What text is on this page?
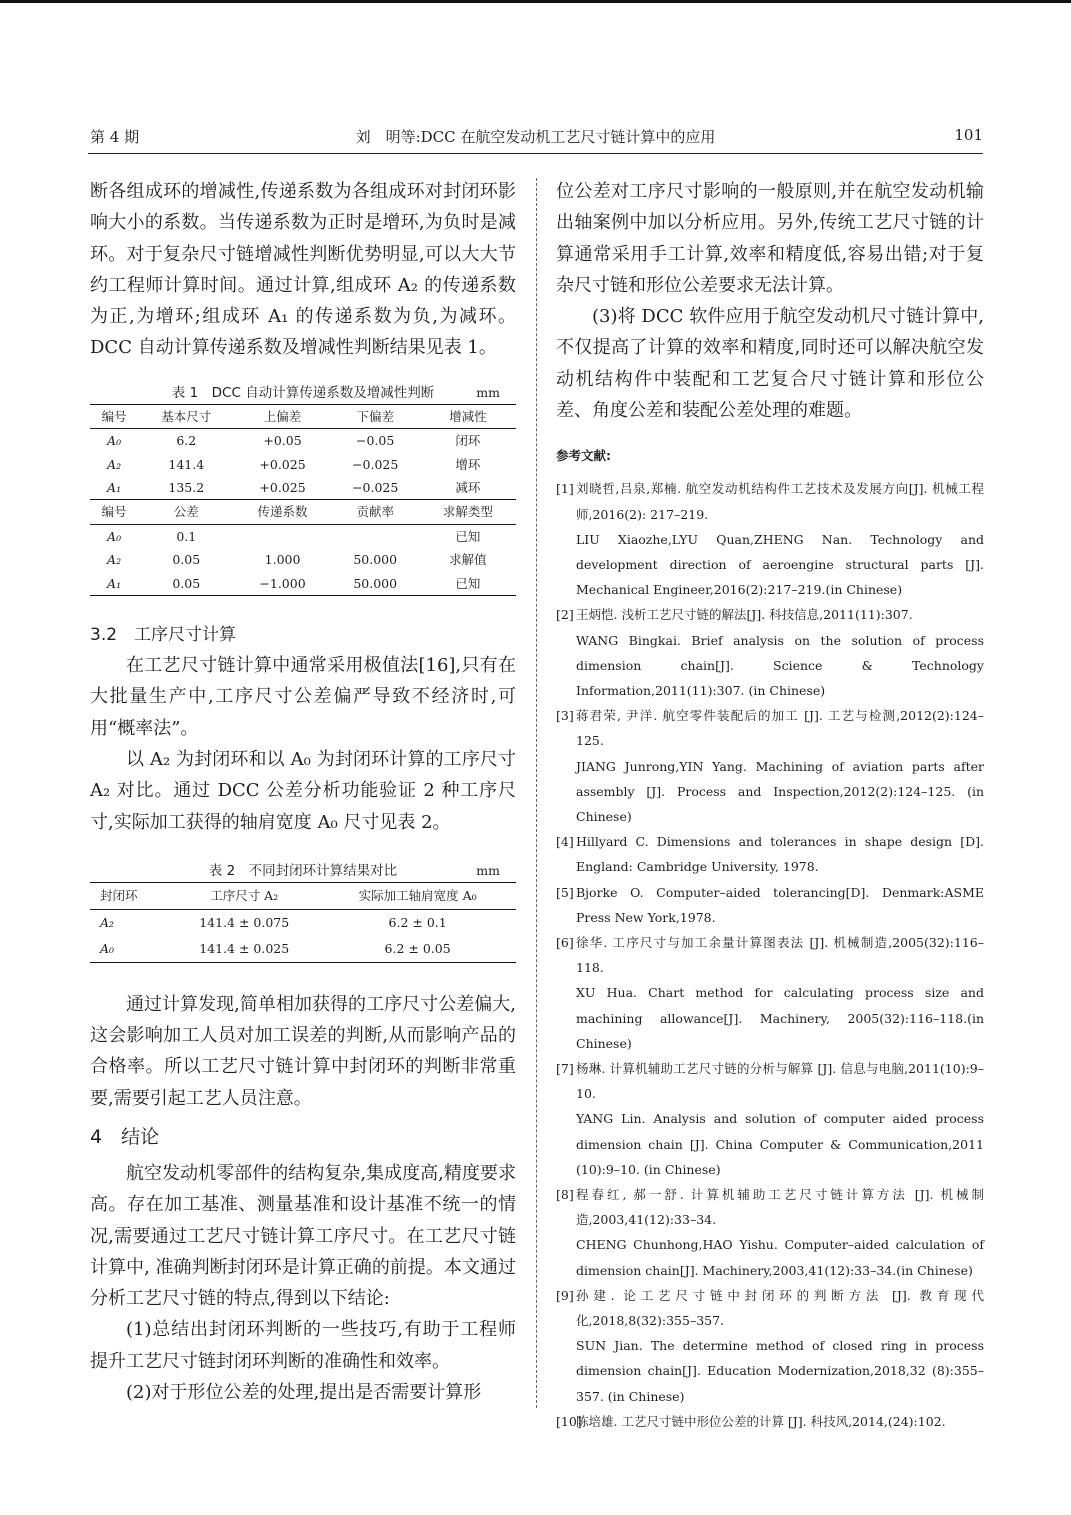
第 4 期	刘　明等:DCC 在航空发动机工艺尺寸链计算中的应用	101

断各组成环的增减性,传递系数为各组成环对封闭环影响大小的系数。当传递系数为正时是增环,为负时是减环。对于复杂尺寸链增减性判断优势明显,可以大大节约工程师计算时间。通过计算,组成环 A₂ 的传递系数为正,为增环;组成环 A₁ 的传递系数为负,为减环。DCC 自动计算传递系数及增减性判断结果见表 1。

表 1　DCC 自动计算传递系数及增减性判断	mm
编号	基本尺寸	上偏差	下偏差	增减性
A₀	6.2	+0.05	−0.05	闭环
A₂	141.4	+0.025	−0.025	增环
A₁	135.2	+0.025	−0.025	减环
编号	公差	传递系数	贡献率	求解类型
A₀	0.1			已知
A₂	0.05	1.000	50.000	求解值
A₁	0.05	−1.000	50.000	已知
3.2　工序尺寸计算

在工艺尺寸链计算中通常采用极值法[16],只有在大批量生产中,工序尺寸公差偏严导致不经济时,可用“概率法”。

以 A₂ 为封闭环和以 A₀ 为封闭环计算的工序尺寸 A₂ 对比。通过 DCC 公差分析功能验证 2 种工序尺寸,实际加工获得的轴肩宽度 A₀ 尺寸见表 2。

表 2　不同封闭环计算结果对比	mm
封闭环	工序尺寸 A₂	实际加工轴肩宽度 A₀
A₂	141.4 ± 0.075	6.2 ± 0.1
A₀	141.4 ± 0.025	6.2 ± 0.05

通过计算发现,简单相加获得的工序尺寸公差偏大,这会影响加工人员对加工误差的判断,从而影响产品的合格率。所以工艺尺寸链计算中封闭环的判断非常重要,需要引起工艺人员注意。

4　结论

航空发动机零部件的结构复杂,集成度高,精度要求高。存在加工基准、测量基准和设计基准不统一的情况,需要通过工艺尺寸链计算工序尺寸。在工艺尺寸链计算中, 准确判断封闭环是计算正确的前提。本文通过分析工艺尺寸链的特点,得到以下结论:

(1)总结出封闭环判断的一些技巧,有助于工程师提升工艺尺寸链封闭环判断的准确性和效率。

(2)对于形位公差的处理,提出是否需要计算形

位公差对工序尺寸影响的一般原则,并在航空发动机输出轴案例中加以分析应用。另外,传统工艺尺寸链的计算通常采用手工计算,效率和精度低,容易出错;对于复杂尺寸链和形位公差要求无法计算。

(3)将 DCC 软件应用于航空发动机尺寸链计算中,不仅提高了计算的效率和精度,同时还可以解决航空发动机结构件中装配和工艺复合尺寸链计算和形位公差、角度公差和装配公差处理的难题。

参考文献:
[1] 刘晓哲,吕泉,郑楠. 航空发动机结构件工艺技术及发展方向[J]. 机械工程师,2016(2): 217–219.
LIU Xiaozhe,LYU Quan,ZHENG Nan. Technology and development direction of aeroengine structural parts [J]. Mechanical Engineer,2016(2):217–219.(in Chinese)
[2] 王炳恺. 浅析工艺尺寸链的解法[J]. 科技信息,2011(11):307.
WANG Bingkai. Brief analysis on the solution of process dimension chain[J]. Science & Technology Information,2011(11):307. (in Chinese)
[3] 蒋君荣, 尹洋. 航空零件装配后的加工 [J]. 工艺与检测,2012(2):124–125.
JIANG Junrong,YIN Yang. Machining of aviation parts after assembly [J]. Process and Inspection,2012(2):124–125. (in Chinese)
[4] Hillyard C. Dimensions and tolerances in shape design [D]. England: Cambridge University, 1978.
[5] Bjorke O. Computer–aided tolerancing[D]. Denmark:ASME Press New York,1978.
[6] 徐华. 工序尺寸与加工余量计算图表法 [J]. 机械制造,2005(32):116–118.
XU Hua. Chart method for calculating process size and machining allowance[J]. Machinery, 2005(32):116–118.(in Chinese)
[7] 杨琳. 计算机辅助工艺尺寸链的分析与解算 [J]. 信息与电脑,2011(10):9–10.
YANG Lin. Analysis and solution of computer aided process dimension chain [J]. China Computer & Communication,2011 (10):9–10. (in Chinese)
[8] 程春红, 郝一舒. 计算机辅助工艺尺寸链计算方法 [J]. 机械制造,2003,41(12):33–34.
CHENG Chunhong,HAO Yishu. Computer–aided calculation of dimension chain[J]. Machinery,2003,41(12):33–34.(in Chinese)
[9] 孙建. 论工艺尺寸链中封闭环的判断方法 [J]. 教育现代化,2018,8(32):355–357.
SUN Jian. The determine method of closed ring in process dimension chain[J]. Education Modernization,2018,32 (8):355–357. (in Chinese)
[10]
陈培雄. 工艺尺寸链中形位公差的计算 [J]. 科技风,2014,(24):102.
